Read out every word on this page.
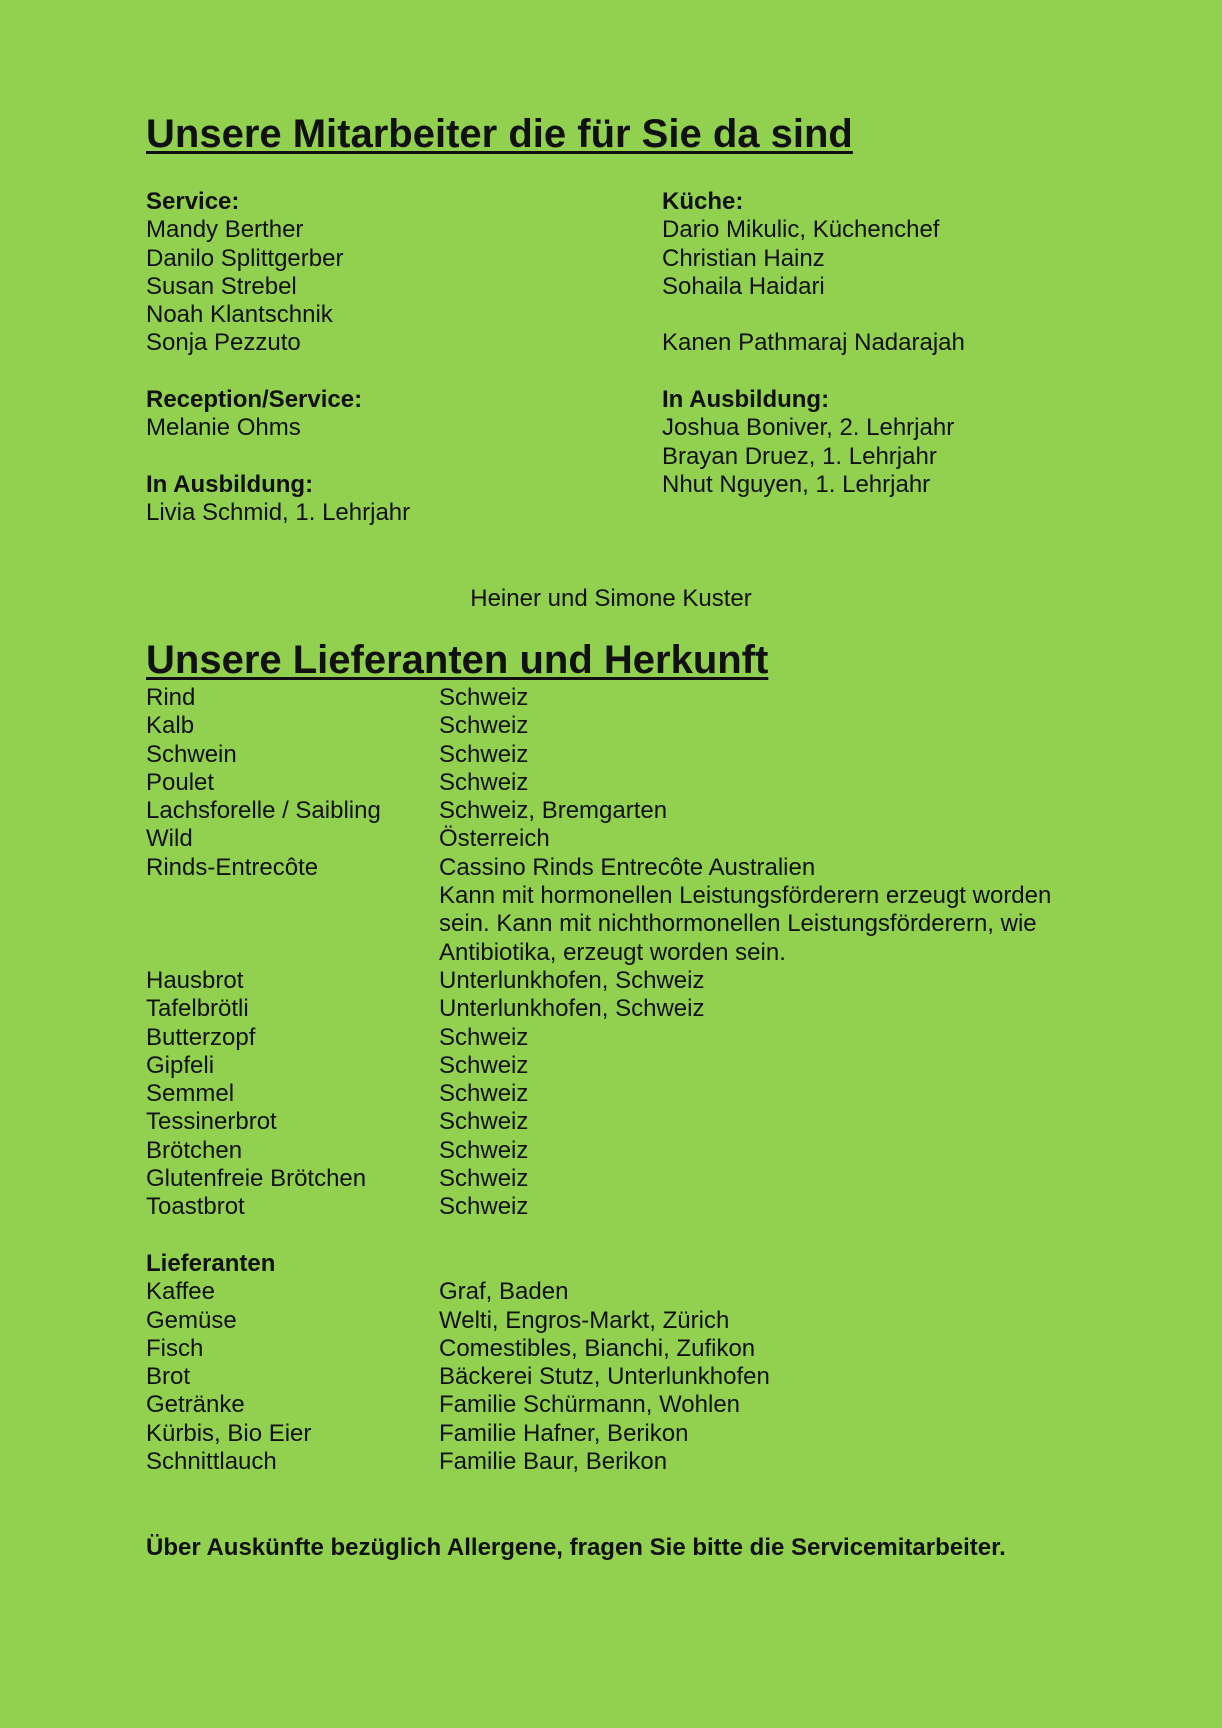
Unsere Mitarbeiter die für Sie da sind
Service:
Mandy Berther
Danilo Splittgerber
Susan Strebel
Noah Klantschnik
Sonja Pezzuto
Reception/Service:
Melanie Ohms
In Ausbildung:
Livia Schmid, 1. Lehrjahr
Küche:
Dario Mikulic, Küchenchef
Christian Hainz
Sohaila Haidari
Kanen Pathmaraj Nadarajah
In Ausbildung:
Joshua Boniver, 2. Lehrjahr
Brayan Druez, 1. Lehrjahr
Nhut Nguyen, 1. Lehrjahr
Heiner und Simone Kuster
Unsere Lieferanten und Herkunft
Rind	Schweiz
Kalb	Schweiz
Schwein	Schweiz
Poulet	Schweiz
Lachsforelle / Saibling	Schweiz, Bremgarten
Wild	Österreich
Rinds-Entrecôte	Cassino Rinds Entrecôte Australien
Kann mit hormonellen Leistungsförderern erzeugt worden sein. Kann mit nichthormonellen Leistungsförderern, wie Antibiotika, erzeugt worden sein.

Hausbrot	Unterlunkhofen, Schweiz
Tafelbrötli	Unterlunkhofen, Schweiz
Butterzopf	Schweiz
Gipfeli	Schweiz
Semmel	Schweiz
Tessinerbrot	Schweiz
Brötchen	Schweiz
Glutenfreie Brötchen	Schweiz
Toastbrot	Schweiz

Lieferanten	
Kaffee	Graf, Baden
Gemüse	Welti, Engros-Markt, Zürich
Fisch	Comestibles, Bianchi, Zufikon
Brot	Bäckerei Stutz, Unterlunkhofen
Getränke	Familie Schürmann, Wohlen
Kürbis, Bio Eier	Familie Hafner, Berikon
Schnittlauch	Familie Baur, Berikon
Über Auskünfte bezüglich Allergene, fragen Sie bitte die Servicemitarbeiter.
